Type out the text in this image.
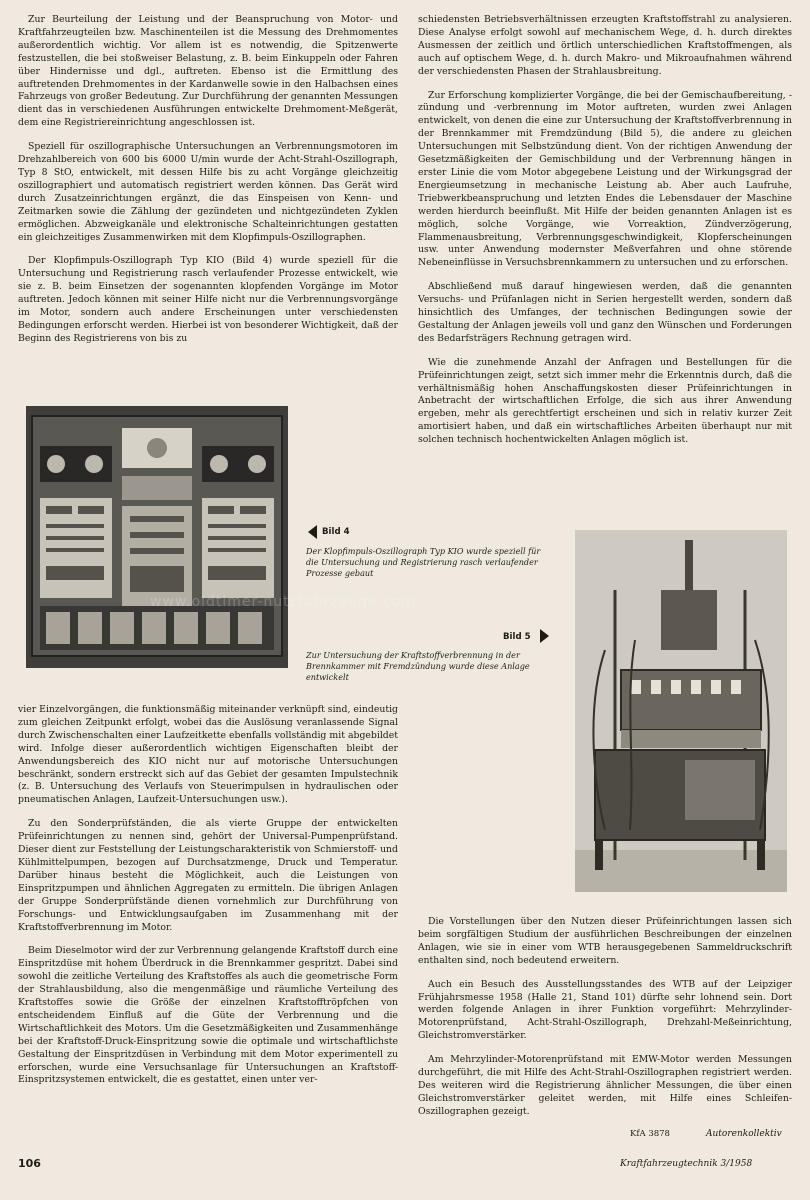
Zur Beurteilung der Leistung und der Beanspruchung von Motor- und Kraftfahrzeugteilen bzw. Maschinenteilen ist die Messung des Drehmomentes außerordentlich wichtig. Vor allem ist es notwendig, die Spitzenwerte festzustellen, die bei stoßweiser Belastung, z. B. beim Einkuppeln oder Fahren über Hindernisse und dgl., auftreten. Ebenso ist die Ermittlung des auftretenden Drehmomentes in der Kardanwelle sowie in den Halbachsen eines Fahrzeugs von großer Bedeutung. Zur Durchführung der genannten Messungen dient das in verschiedenen Ausführungen entwickelte Drehmoment-Meßgerät, dem eine Registriereinrichtung angeschlossen ist.

Speziell für oszillographische Untersuchungen an Verbrennungsmotoren im Drehzahlbereich von 600 bis 6000 U/min wurde der Acht-Strahl-Oszillograph, Typ 8 StO, entwickelt, mit dessen Hilfe bis zu acht Vorgänge gleichzeitig oszillographiert und automatisch registriert werden können. Das Gerät wird durch Zusatzeinrichtungen ergänzt, die das Einspeisen von Kenn- und Zeitmarken sowie die Zählung der gezündeten und nichtgezündeten Zyklen ermöglichen. Abzweigkanäle und elektronische Schalteinrichtungen gestatten ein gleichzeitiges Zusammenwirken mit dem Klopfimpuls-Oszillographen.

Der Klopfimpuls-Oszillograph Typ KIO (Bild 4) wurde speziell für die Untersuchung und Registrierung rasch verlaufender Prozesse entwickelt, wie sie z. B. beim Einsetzen der sogenannten klopfenden Vorgänge im Motor auftreten. Jedoch können mit seiner Hilfe nicht nur die Verbrennungsvorgänge im Motor, sondern auch andere Erscheinungen unter verschiedensten Bedingungen erforscht werden. Hierbei ist von besonderer Wichtigkeit, daß der Beginn des Registrierens von bis zu

schiedensten Betriebsverhältnissen erzeugten Kraftstoffstrahl zu analysieren. Diese Analyse erfolgt sowohl auf mechanischem Wege, d. h. durch direktes Ausmessen der zeitlich und örtlich unterschiedlichen Kraftstoffmengen, als auch auf optischem Wege, d. h. durch Makro- und Mikroaufnahmen während der verschiedensten Phasen der Strahlausbreitung.

Zur Erforschung komplizierter Vorgänge, die bei der Gemischaufbereitung, -zündung und -verbrennung im Motor auftreten, wurden zwei Anlagen entwickelt, von denen die eine zur Untersuchung der Kraftstoffverbrennung in der Brennkammer mit Fremdzündung (Bild 5), die andere zu gleichen Untersuchungen mit Selbstzündung dient. Von der richtigen Anwendung der Gesetzmäßigkeiten der Gemischbildung und der Verbrennung hängen in erster Linie die vom Motor abgegebene Leistung und der Wirkungsgrad der Energieumsetzung in mechanische Leistung ab. Aber auch Laufruhe, Triebwerkbeanspruchung und letzten Endes die Lebensdauer der Maschine werden hierdurch beeinflußt. Mit Hilfe der beiden genannten Anlagen ist es möglich, solche Vorgänge, wie Vorreaktion, Zündverzögerung, Flammenausbreitung, Verbrennungsgeschwindigkeit, Klopferscheinungen usw. unter Anwendung modernster Meßverfahren und ohne störende Nebeneinflüsse in Versuchsbrennkammern zu untersuchen und zu erforschen.

Abschließend muß darauf hingewiesen werden, daß die genannten Versuchs- und Prüfanlagen nicht in Serien hergestellt werden, sondern daß hinsichtlich des Umfanges, der technischen Bedingungen sowie der Gestaltung der Anlagen jeweils voll und ganz den Wünschen und Forderungen des Bedarfsträgers Rechnung getragen wird.

Wie die zunehmende Anzahl der Anfragen und Bestellungen für die Prüfeinrichtungen zeigt, setzt sich immer mehr die Erkenntnis durch, daß die verhältnismäßig hohen Anschaffungskosten dieser Prüfeinrichtungen in Anbetracht der wirtschaftlichen Erfolge, die sich aus ihrer Anwendung ergeben, mehr als gerechtfertigt erscheinen und sich in relativ kurzer Zeit amortisiert haben, und daß ein wirtschaftliches Arbeiten überhaupt nur mit solchen technisch hochentwickelten Anlagen möglich ist.

Bild 4
Der Klopfimpuls-Oszillograph Typ KIO wurde speziell für die Untersuchung und Registrierung rasch verlaufender Prozesse gebaut
Bild 5
Zur Untersuchung der Kraftstoffverbrennung in der Brennkammer mit Fremdzündung wurde diese Anlage entwickelt

vier Einzelvorgängen, die funktionsmäßig miteinander verknüpft sind, eindeutig zum gleichen Zeitpunkt erfolgt, wobei das die Auslösung veranlassende Signal durch Zwischenschalten einer Laufzeitkette ebenfalls vollständig mit abgebildet wird. Infolge dieser außerordentlich wichtigen Eigenschaften bleibt der Anwendungsbereich des KIO nicht nur auf motorische Untersuchungen beschränkt, sondern erstreckt sich auf das Gebiet der gesamten Impulstechnik (z. B. Untersuchung des Verlaufs von Steuerimpulsen in hydraulischen oder pneumatischen Anlagen, Laufzeit-Untersuchungen usw.).

Zu den Sonderprüfständen, die als vierte Gruppe der entwickelten Prüfeinrichtungen zu nennen sind, gehört der Universal-Pumpenprüfstand. Dieser dient zur Feststellung der Leistungscharakteristik von Schmierstoff- und Kühlmittelpumpen, bezogen auf Durchsatzmenge, Druck und Temperatur. Darüber hinaus besteht die Möglichkeit, auch die Leistungen von Einspritzpumpen und ähnlichen Aggregaten zu ermitteln. Die übrigen Anlagen der Gruppe Sonderprüfstände dienen vornehmlich zur Durchführung von Forschungs- und Entwicklungsaufgaben im Zusammenhang mit der Kraftstoffverbrennung im Motor.

Beim Dieselmotor wird der zur Verbrennung gelangende Kraftstoff durch eine Einspritzdüse mit hohem Überdruck in die Brennkammer gespritzt. Dabei sind sowohl die zeitliche Verteilung des Kraftstoffes als auch die geometrische Form der Strahlausbildung, also die mengenmäßige und räumliche Verteilung des Kraftstoffes sowie die Größe der einzelnen Kraftstofftröpfchen von entscheidendem Einfluß auf die Güte der Verbrennung und die Wirtschaftlichkeit des Motors. Um die Gesetzmäßigkeiten und Zusammenhänge bei der Kraftstoff-Druck-Einspritzung sowie die optimale und wirtschaftlichste Gestaltung der Einspritzdüsen in Verbindung mit dem Motor experimentell zu erforschen, wurde eine Versuchsanlage für Untersuchungen an Kraftstoff-Einspritzsystemen entwickelt, die es gestattet, einen unter ver-

Die Vorstellungen über den Nutzen dieser Prüfeinrichtungen lassen sich beim sorgfältigen Studium der ausführlichen Beschreibungen der einzelnen Anlagen, wie sie in einer vom WTB herausgegebenen Sammeldruckschrift enthalten sind, noch bedeutend erweitern.

Auch ein Besuch des Ausstellungsstandes des WTB auf der Leipziger Frühjahrsmesse 1958 (Halle 21, Stand 101) dürfte sehr lohnend sein. Dort werden folgende Anlagen in ihrer Funktion vorgeführt: Mehrzylinder-Motorenprüfstand, Acht-Strahl-Oszillograph, Drehzahl-Meßeinrichtung, Gleichstromverstärker.

Am Mehrzylinder-Motorenprüfstand mit EMW-Motor werden Messungen durchgeführt, die mit Hilfe des Acht-Strahl-Oszillographen registriert werden. Des weiteren wird die Registrierung ähnlicher Messungen, die über einen Gleichstromverstärker geleitet werden, mit Hilfe eines Schleifen-Oszillographen gezeigt.

KfA 3878	Autorenkollektiv
106	Kraftfahrzeugtechnik 3/1958
www.oldtimer-nutzfahrzeuge.com
